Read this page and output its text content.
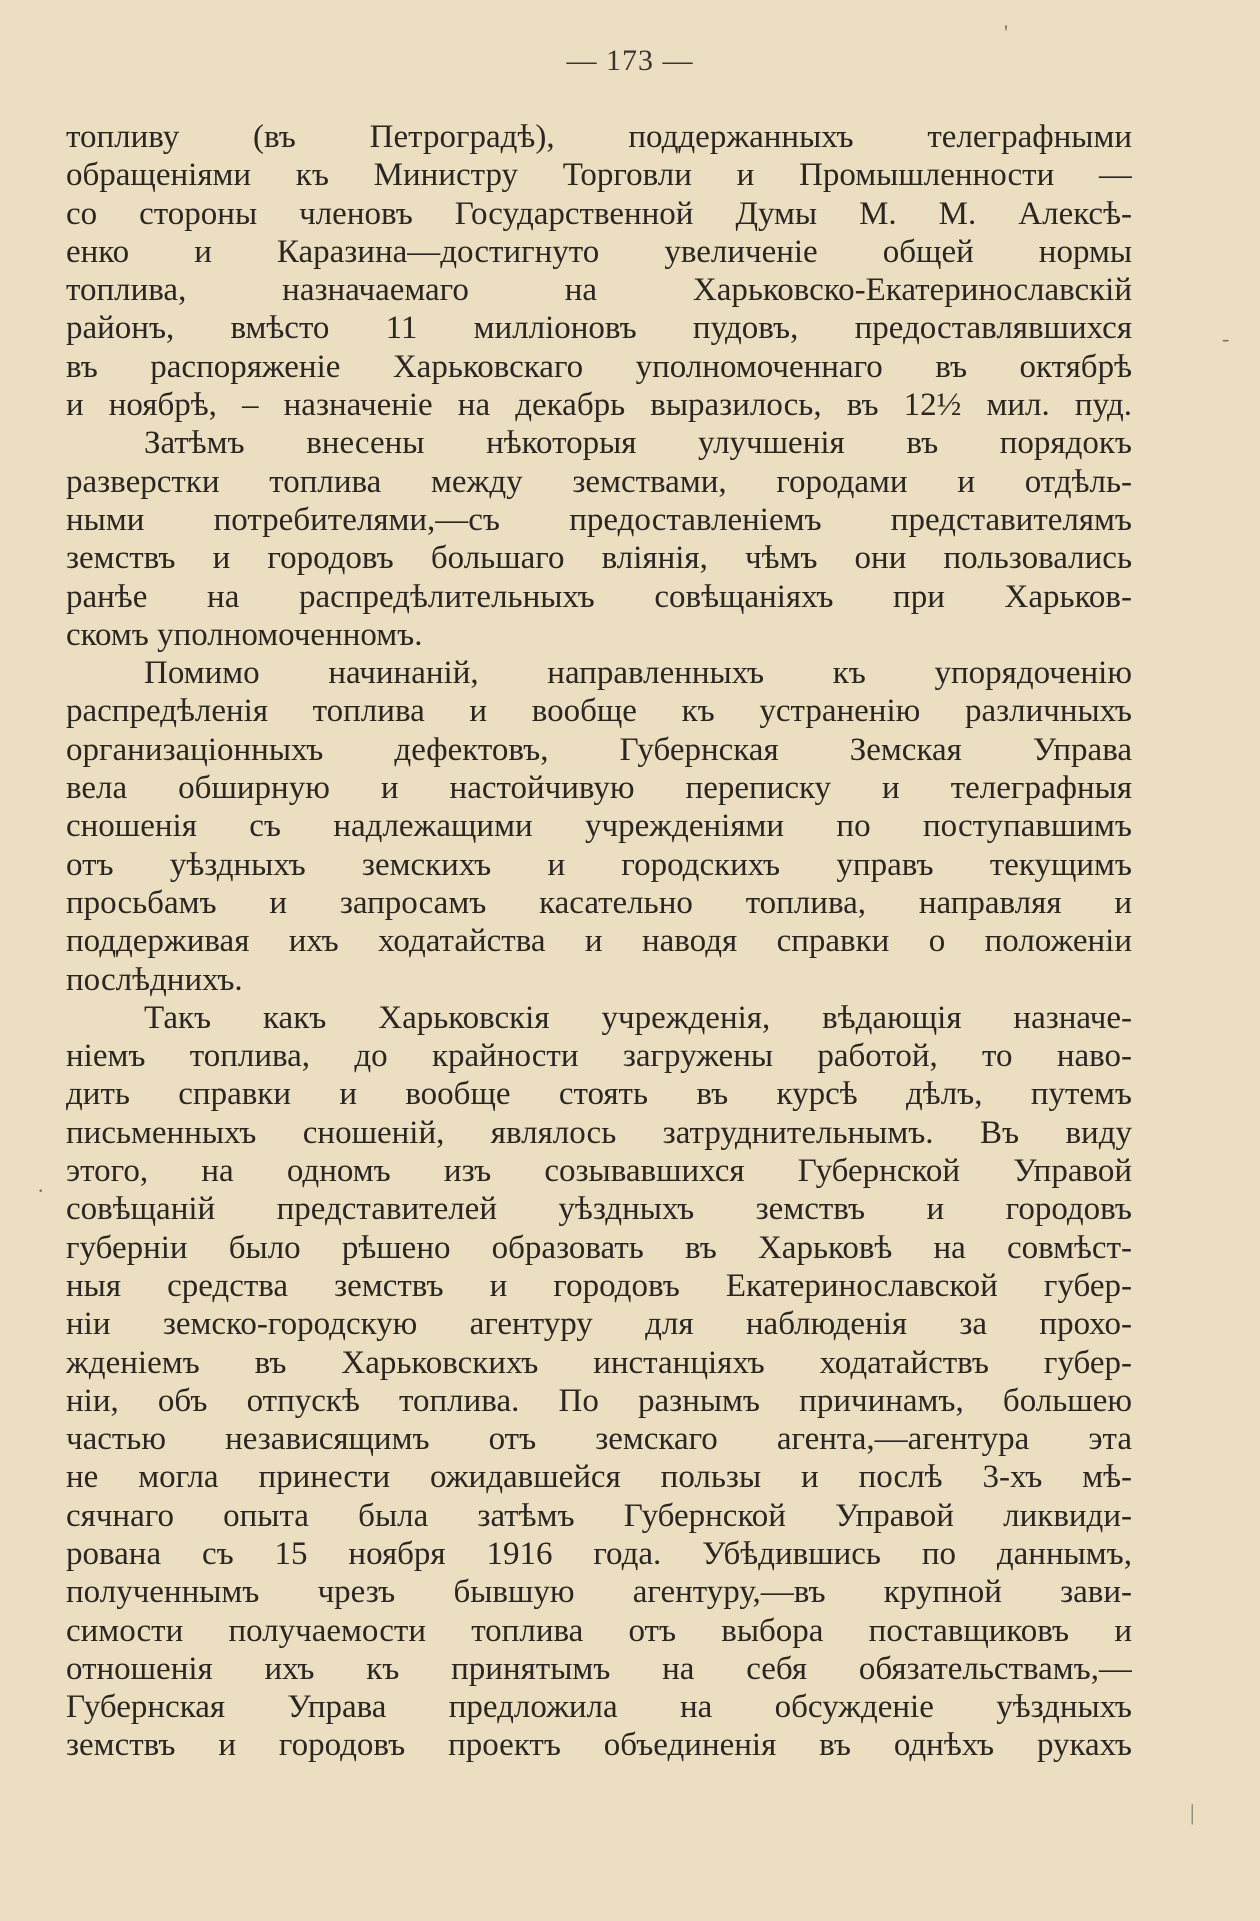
— 173 —
'
-
.
|
топливу (въ Петроградѣ), поддержанныхъ телеграфными
обращеніями къ Министру Торговли и Промышленности —
со стороны членовъ Государственной Думы М. М. Алексѣ-
енко и Каразина—достигнуто увеличеніе общей нормы
топлива, назначаемаго на Харьковско-Екатеринославскій
районъ, вмѣсто 11 милліоновъ пудовъ, предоставлявшихся
въ распоряженіе Харьковскаго уполномоченнаго въ октябрѣ
и ноябрѣ, – назначеніе на декабрь выразилось, въ 12½ мил. пуд.
Затѣмъ внесены нѣкоторыя улучшенія въ порядокъ
разверстки топлива между земствами, городами и отдѣль-
ными потребителями,—съ предоставленіемъ представителямъ
земствъ и городовъ большаго вліянія, чѣмъ они пользовались
ранѣе на распредѣлительныхъ совѣщаніяхъ при Харьков-
скомъ уполномоченномъ.
Помимо начинаній, направленныхъ къ упорядоченію
распредѣленія топлива и вообще къ устраненію различныхъ
организаціонныхъ дефектовъ, Губернская Земская Управа
вела обширную и настойчивую переписку и телеграфныя
сношенія съ надлежащими учрежденіями по поступавшимъ
отъ уѣздныхъ земскихъ и городскихъ управъ текущимъ
просьбамъ и запросамъ касательно топлива, направляя и
поддерживая ихъ ходатайства и наводя справки о положеніи
послѣднихъ.
Такъ какъ Харьковскія учрежденія, вѣдающія назначе-
ніемъ топлива, до крайности загружены работой, то наво-
дить справки и вообще стоять въ курсѣ дѣлъ, путемъ
письменныхъ сношеній, являлось затруднительнымъ. Въ виду
этого, на одномъ изъ созывавшихся Губернской Управой
совѣщаній представителей уѣздныхъ земствъ и городовъ
губерніи было рѣшено образовать въ Харьковѣ на совмѣст-
ныя средства земствъ и городовъ Екатеринославской губер-
ніи земско-городскую агентуру для наблюденія за прохо-
жденіемъ въ Харьковскихъ инстанціяхъ ходатайствъ губер-
ніи, объ отпускѣ топлива. По разнымъ причинамъ, большею
частью независящимъ отъ земскаго агента,—агентура эта
не могла принести ожидавшейся пользы и послѣ 3-хъ мѣ-
сячнаго опыта была затѣмъ Губернской Управой ликвиди-
рована съ 15 ноября 1916 года. Убѣдившись по даннымъ,
полученнымъ чрезъ бывшую агентуру,—въ крупной зави-
симости получаемости топлива отъ выбора поставщиковъ и
отношенія ихъ къ принятымъ на себя обязательствамъ,—
Губернская Управа предложила на обсужденіе уѣздныхъ
земствъ и городовъ проектъ объединенія въ однѣхъ рукахъ
